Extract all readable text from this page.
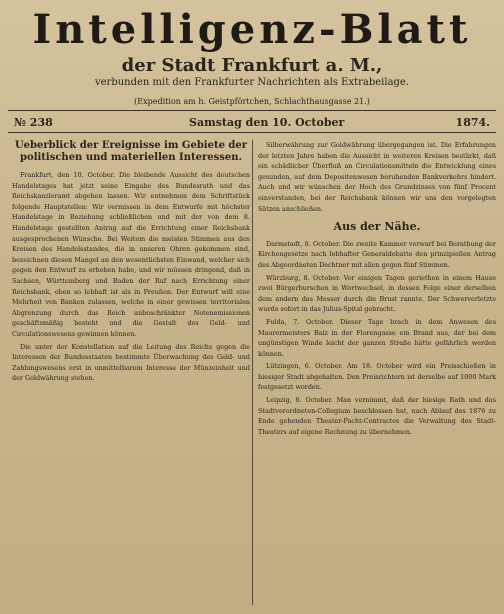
Intelligenz-Blatt
der Stadt Frankfurt a. M.,
verbunden mit den Frankfurter Nachrichten als Extrabeilage.
(Expedition am h. Geistpförtchen, Schlachthausgasse 21.)
№ 238	Samstag den 10. October	1874.
Ueberblick der Ereignisse im Gebiete der politischen und materiellen Interessen.

Frankfurt, den 10. October. Die bleibende Aussicht des deutschen Handelstages hat jetzt seine Eingabe des Bundesrath und das Reichskanzleramt abgehen lassen. Wir entnehmen dem Schriftstück folgende Hauptstellen: Wir vermissen in dem Entwurfe mit höchster Handelstage in Beziehung schließlichen und mit der von dem 8. Handelstage gestellten Antrag auf die Errichtung einer Reichsbank ausgesprochenen Wünsche. Bei Weitem die meisten Stimmen aus den Kreisen des Handelsstandes, die in unseren Ohren gekommen sind, bezeichnen diesen Mangel an den wesentlichsten Einwand, welcher sich gegen den Entwurf zu erheben habe, und wir müssen dringend, daß in Sachsen, Württemberg und Baden der Ruf nach Errichtung einer Reichsbank, eben so lebhaft ist als in Preußen. Der Entwurf will eine Mehrheit von Banken zulassen, welche in einer gewissen territorialen Abgrenzung durch das Reich unbeschränkter Notenemissionen geschäftsmäßig besteht und die Gestalt des Geld- und Circulationswesens gewinnen können.

Die unter der Konstellation auf die Leitung des Reichs gegen die Interessen der Bundesstaaten bestimmte Überwachung des Geld- und Zahlungswesens erst in unmittelbarem Interesse der Münzeinheit und der Goldwährung stehen.

Silberwährung zur Goldwährung übergegangen ist. Die Erfahrungen der letzten Jahre haben die Aussicht in weiteren Kreisen bestärkt, daß ein schädlicher Überfluß an Circulationsmitteln die Entwicklung eines gesunden, auf dem Depositenwesen beruhenden Bankverkehrs hindert. Auch und wir wünschen der Hoch des Grundzinses von fünf Procent einverstanden, bei der Reichsbank können wir uns den vorgelegten Sätzen anschließen.

Aus der Nähe.

Darmstadt, 8. October. Die zweite Kammer verwarf bei Berathung der Kirchengesetze nach lebhafter Generaldebatte den prinzipiellen Antrag des Abgeordneten Dechtner mit allen gegen fünf Stimmen.

Würzburg, 8. October. Vor einigen Tagen geriethen in einem Hause zwei Bürgerburschen in Wortwechsel, in dessen Folge einer derselben dem andern das Messer durch die Brust rannte. Der Schwerverletzte wurde sofort in das Julius-Spital gebracht.

Fulda, 7. October. Dieser Tage brach in dem Anwesen des Maurermeisters Balz in der Florengasse ein Brand aus, der bei dem ungünstigen Winde leicht der ganzen Straße hätte gefährlich werden können.

Lützingen, 6. October. Am 18. October wird ein Preisschießen in hiesiger Stadt abgehalten. Den Preisrichtern ist derselbe auf 1000 Mark festgesetzt worden.

Leipzig, 6. October. Man vernimmt, daß der hiesige Rath und das Stadtverordneten-Collegium beschlossen hat, nach Ablauf des 1876 zu Ende gehenden Theater-Pacht-Contractes die Verwaltung des Stadt-Theaters auf eigene Rechnung zu übernehmen.
